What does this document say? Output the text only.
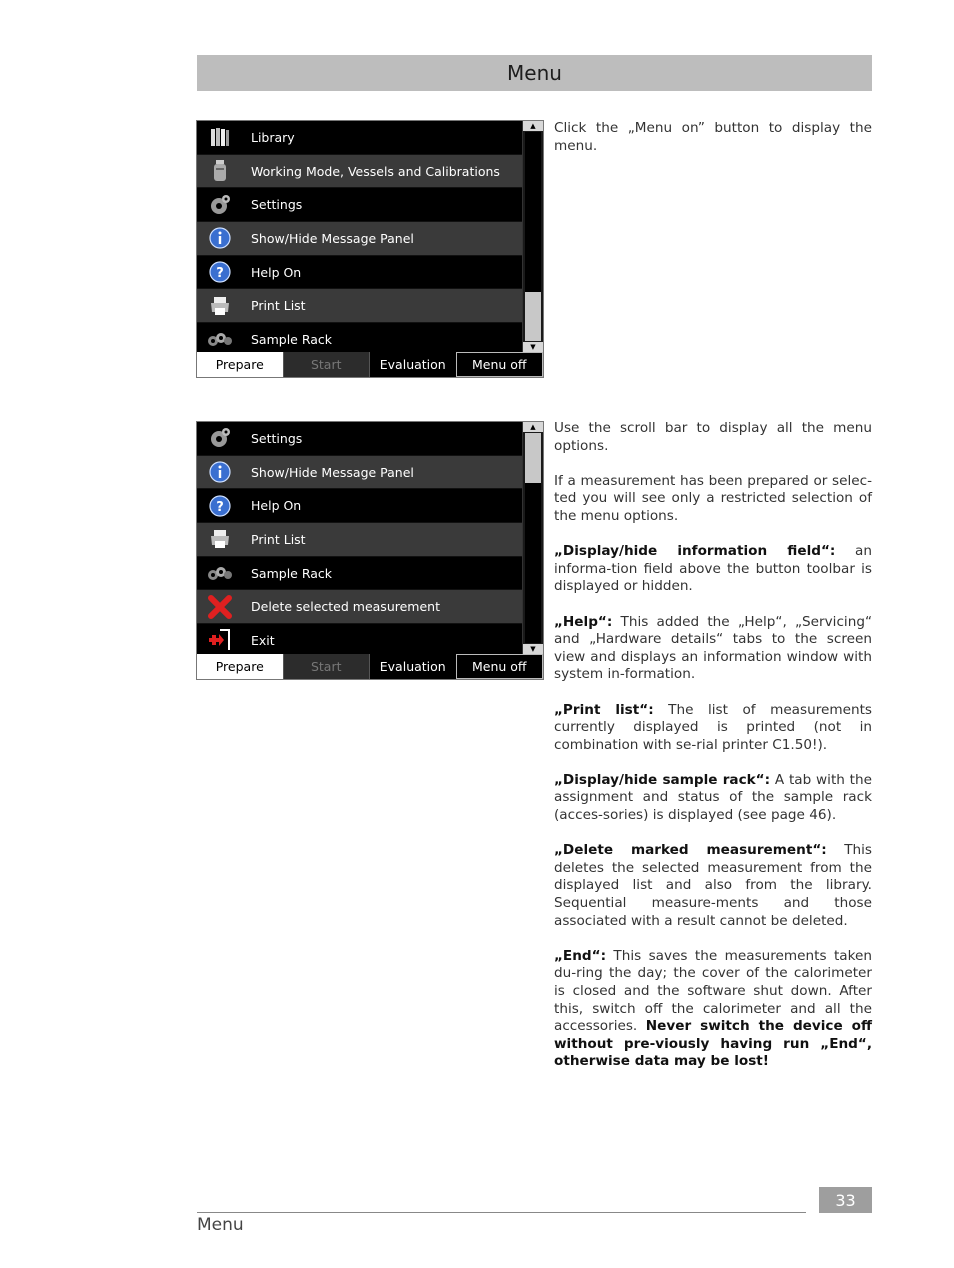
Menu
Library
Working Mode, Vessels and Calibrations
Settings
Show/Hide Message Panel
?	Help On
Print List
Sample Rack
▲
▼
Prepare	Start	Evaluation	Menu off
Settings
Show/Hide Message Panel
?	Help On
Print List
Sample Rack
Delete selected measurement
Exit
▲
▼
Prepare	Start	Evaluation	Menu off

Click the „Menu on” button to display the menu.

Use the scroll bar to display all the menu options.

If a measurement has been prepared or selec-ted you will see only a restricted selection of the menu options.

„Display/hide information field“: an informa-tion field above the button toolbar is displayed or hidden.

„Help“: This added the „Help“, „Servicing“ and „Hardware details“ tabs to the screen view and displays an information window with system in-formation.

„Print list“: The list of measurements currently displayed is printed (not in combination with se-rial printer C1.50!).

„Display/hide sample rack“: A tab with the assignment and status of the sample rack (acces-sories) is displayed (see page 46).

„Delete marked measurement“: This deletes the selected measurement from the displayed list and also from the library. Sequential measure-ments and those associated with a result cannot be deleted.

„End“: This saves the measurements taken du-ring the day; the cover of the calorimeter is closed and the software shut down. After this, switch off the calorimeter and all the accessories. Never switch the device off without pre-viously having run „End“, otherwise data may be lost!

Menu
33
